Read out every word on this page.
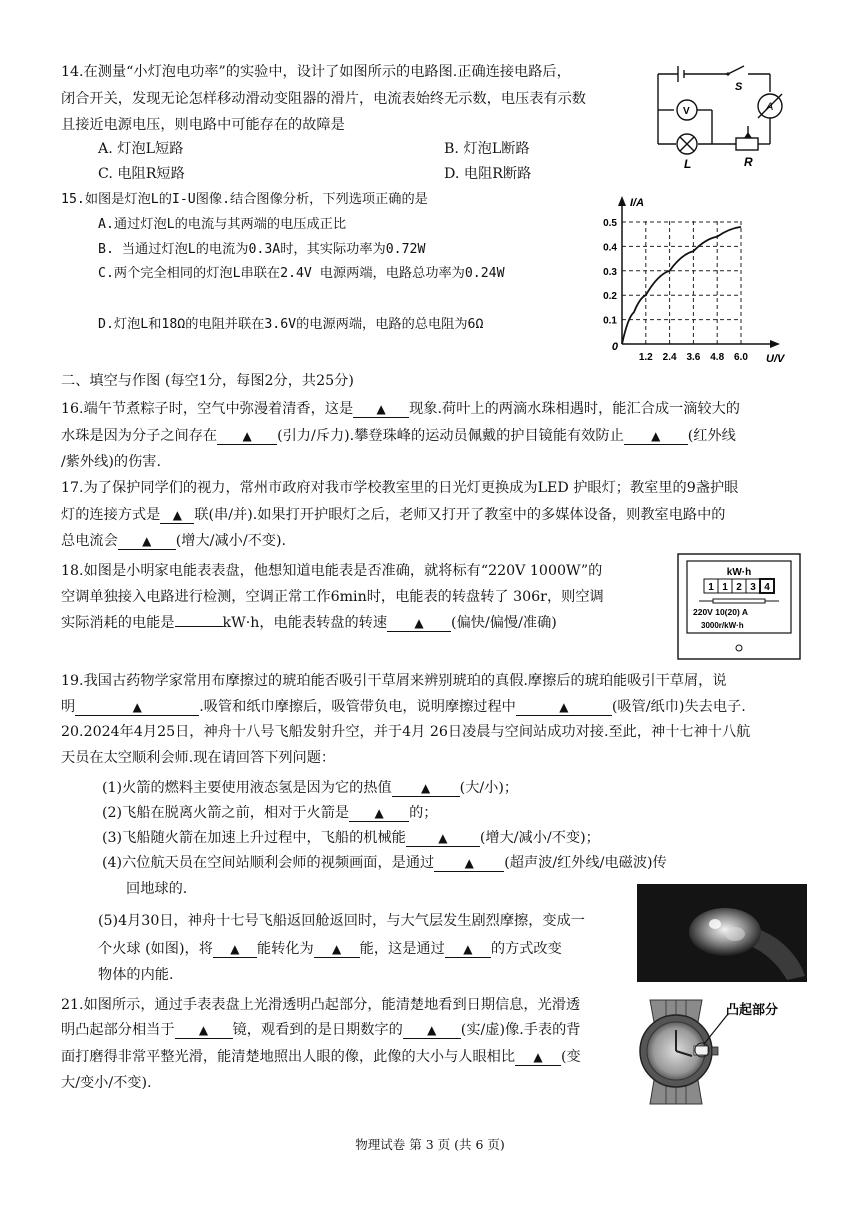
14.在测量“小灯泡电功率”的实验中，设计了如图所示的电路图.正确连接电路后，
闭合开关，发现无论怎样移动滑动变阻器的滑片，电流表始终无示数，电压表有示数
且接近电源电压，则电路中可能存在的故障是
A. 灯泡L短路	B. 灯泡L断路
C. 电阻R短路	D. 电阻R断路
S
A
V
L	R
15.如图是灯泡L的I-U图像.结合图像分析，下列选项正确的是
A.通过灯泡L的电流与其两端的电压成正比
B. 当通过灯泡L的电流为0.3A时，其实际功率为0.72W
C.两个完全相同的灯泡L串联在2.4V 电源两端，电路总功率为0.24W
D.灯泡L和18Ω的电阻并联在3.6V的电源两端，电路的总电阻为6Ω
1.2 2.4 3.6 4.8 6.0
0.1
0.2
0.3
0.4
0.5
0
I/A
U/V
二、填空与作图 (每空1分，每图2分，共25分)
16.端午节煮粽子时，空气中弥漫着清香，这是 ▲ 现象.荷叶上的两滴水珠相遇时，能汇合成一滴较大的
水珠是因为分子之间存在 ▲ (引力/斥力).攀登珠峰的运动员佩戴的护目镜能有效防止 ▲ (红外线
/紫外线)的伤害.
17.为了保护同学们的视力，常州市政府对我市学校教室里的日光灯更换成为LED 护眼灯；教室里的9盏护眼
灯的连接方式是 ▲ 联(串/并).如果打开护眼灯之后，老师又打开了教室中的多媒体设备，则教室电路中的
总电流会 ▲ (增大/减小/不变).
18.如图是小明家电能表表盘，他想知道电能表是否准确，就将标有“220V 1000W”的
空调单独接入电路进行检测，空调正常工作6min时，电能表的转盘转了 306r，则空调
实际消耗的电能是	kW·h，电能表转盘的转速 ▲ (偏快/偏慢/准确)
kW·h
1 1 2 3 4
220V 10(20) A
3000r/kW·h
19.我国古药物学家常用布摩擦过的琥珀能否吸引干草屑来辨别琥珀的真假.摩擦后的琥珀能吸引干草屑，说
明	▲	.吸管和纸巾摩擦后，吸管带负电，说明摩擦过程中	▲	(吸管/纸巾)失去电子.
20.2024年4月25日，神舟十八号飞船发射升空，并于4月 26日凌晨与空间站成功对接.至此，神十七神十八航
天员在太空顺利会师.现在请回答下列问题：
(1)火箭的燃料主要使用液态氢是因为它的热值 ▲ (大/小)；
(2)飞船在脱离火箭之前，相对于火箭是 ▲ 的；
(3)飞船随火箭在加速上升过程中，飞船的机械能	▲ (增大/减小/不变)；
(4)六位航天员在空间站顺利会师的视频画面，是通过	▲ (超声波/红外线/电磁波)传
回地球的.
(5)4月30日，神舟十七号飞船返回舱返回时，与大气层发生剧烈摩擦，变成一
个火球 (如图)，将 ▲ 能转化为 ▲ 能，这是通过 ▲ 的方式改变
物体的内能.
21.如图所示，通过手表表盘上光滑透明凸起部分，能清楚地看到日期信息，光滑透
明凸起部分相当于 ▲ 镜，观看到的是日期数字的 ▲ (实/虚)像.手表的背
面打磨得非常平整光滑，能清楚地照出人眼的像，此像的大小与人眼相比 ▲ (变
大/变小/不变).
凸起部分
物理试卷 第 3 页 (共 6 页)
